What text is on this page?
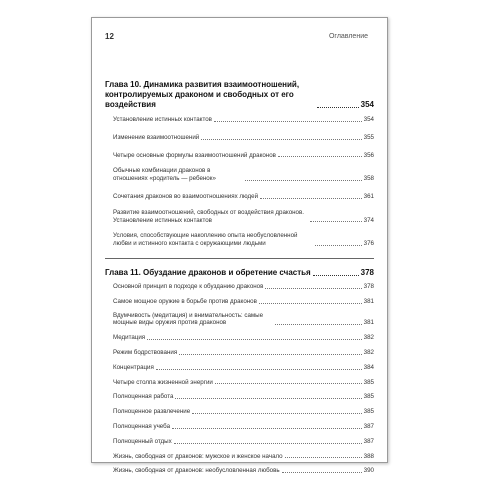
12	Оглавление
Глава 10. Динамика развития взаимоотношений, контролируемых драконом и свободных от его воздействия	354
Установление истинных контактов	354
Изменение взаимоотношений	355
Четыре основные формулы взаимоотношений драконов	356
Обычные комбинации драконов в отношениях «родитель — ребенок»	358
Сочетания драконов во взаимоотношениях людей	361
Развитие взаимоотношений, свободных от воздействия драконов. Установление истинных контактов	374
Условия, способствующие накоплению опыта необусловленной любви и истинного контакта с окружающими людьми	376
Глава 11. Обуздание драконов и обретение счастья	378
Основной принцип в подходе к обузданию драконов	378
Самое мощное оружие в борьбе против драконов	381
Вдумчивость (медитация) и внимательность: самые мощные виды оружия против драконов	381
Медитация	382
Режим бодрствования	382
Концентрация	384
Четыре столпа жизненной энергии	385
Полноценная работа	385
Полноценное развлечение	385
Полноценная учеба	387
Полноценный отдых	387
Жизнь, свободная от драконов: мужское и женское начало	388
Жизнь, свободная от драконов: необусловленная любовь	390
